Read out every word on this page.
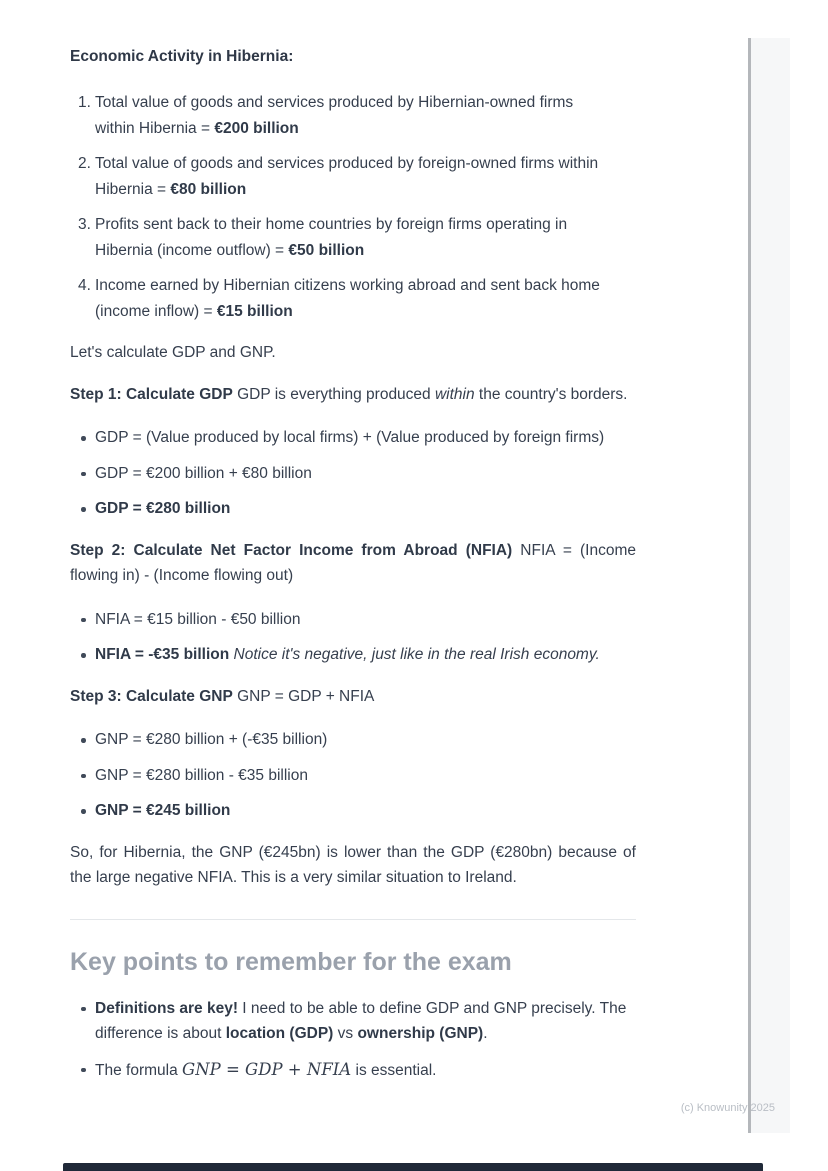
Economic Activity in Hibernia:
Total value of goods and services produced by Hibernian-owned firms
within Hibernia = €200 billion
Total value of goods and services produced by foreign-owned firms within
Hibernia = €80 billion
Profits sent back to their home countries by foreign firms operating in
Hibernia (income outflow) = €50 billion
Income earned by Hibernian citizens working abroad and sent back home
(income inflow) = €15 billion

Let's calculate GDP and GNP.

Step 1: Calculate GDP GDP is everything produced within the country's borders.

GDP = (Value produced by local firms) + (Value produced by foreign firms)
GDP = €200 billion + €80 billion
GDP = €280 billion

Step 2: Calculate Net Factor Income from Abroad (NFIA) NFIA = (Income flowing in) - (Income flowing out)

NFIA = €15 billion - €50 billion
NFIA = -€35 billion Notice it's negative, just like in the real Irish economy.

Step 3: Calculate GNP GNP = GDP + NFIA

GNP = €280 billion + (-€35 billion)
GNP = €280 billion - €35 billion
GNP = €245 billion

So, for Hibernia, the GNP (€245bn) is lower than the GDP (€280bn) because of the large negative NFIA. This is a very similar situation to Ireland.

Key points to remember for the exam
Definitions are key! I need to be able to define GDP and GNP precisely. The difference is about location (GDP) vs ownership (GNP).
The formula GNP = GDP + NFIA is essential.
(c) Knowunity 2025
